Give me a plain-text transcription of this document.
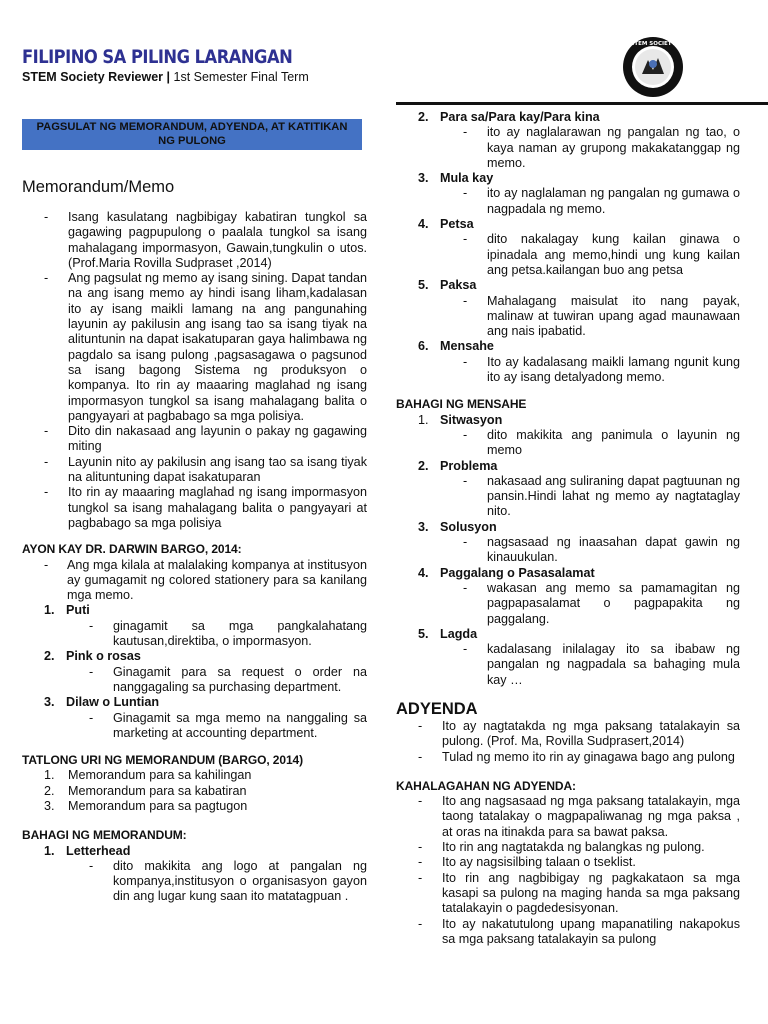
FILIPINO SA PILING LARANGAN
STEM Society Reviewer | 1st Semester Final Term
STEM SOCIETY
PAGSULAT NG MEMORANDUM, ADYENDA, AT KATITIKAN
NG PULONG
Memorandum/Memo
-	Isang kasulatang nagbibigay kabatiran tungkol sa gagawing pagpupulong o paalala tungkol sa isang mahalagang impormasyon, Gawain,tungkulin o utos. (Prof.Maria Rovilla Sudpraset ,2014)
-	Ang pagsulat ng memo ay isang sining. Dapat tandan na ang isang memo ay hindi isang liham,kadalasan ito ay isang maikli lamang na ang pangunahing layunin ay pakilusin ang isang tao sa isang tiyak na alituntunin na dapat isakatuparan gaya halimbawa ng pagdalo sa isang pulong ,pagsasagawa o pagsunod sa isang bagong Sistema ng produksyon o kompanya. Ito rin ay maaaring maglahad ng isang impormasyon tungkol sa isang mahalagang balita o pangyayari at pagbabago sa mga polisiya.
-	Dito din nakasaad ang layunin o pakay ng gagawing miting
-	Layunin nito ay pakilusin ang isang tao sa isang tiyak na alituntuning dapat isakatuparan
-	Ito rin ay maaaring maglahad ng isang impormasyon tungkol sa isang mahalagang balita o pangyayari at pagbabago sa mga polisiya
AYON KAY DR. DARWIN BARGO, 2014:
-	Ang mga kilala at malalaking kompanya at institusyon ay gumagamit ng colored stationery para sa kanilang mga memo.
1. Puti
-	ginagamit sa mga pangkalahatang kautusan,direktiba, o impormasyon.
2. Pink o rosas
-	Ginagamit para sa request o order na nanggagaling sa purchasing department.
3. Dilaw o Luntian
-	Ginagamit sa mga memo na nanggaling sa marketing at accounting department.
TATLONG URI NG MEMORANDUM (BARGO, 2014)
1.	Memorandum para sa kahilingan
2.	Memorandum para sa kabatiran
3.	Memorandum para sa pagtugon
BAHAGI NG MEMORANDUM:
1. Letterhead
-	dito makikita ang logo at pangalan ng kompanya,institusyon o organisasyon gayon din ang lugar kung saan ito matatagpuan .
2. Para sa/Para kay/Para kina
-	ito ay naglalarawan ng pangalan ng tao, o kaya naman ay grupong makakatanggap ng memo.
3. Mula kay
-	ito ay naglalaman ng pangalan ng gumawa o nagpadala ng memo.
4. Petsa
-	dito nakalagay kung kailan ginawa o ipinadala ang memo,hindi ung kung kailan ang petsa.kailangan buo ang petsa
5. Paksa
-	Mahalagang maisulat ito nang payak, malinaw at tuwiran upang agad maunawaan ang nais ipabatid.
6. Mensahe
-	Ito ay kadalasang maikli lamang ngunit kung ito ay isang detalyadong memo.
BAHAGI NG MENSAHE
1. Sitwasyon
-	dito makikita ang panimula o layunin ng memo
2. Problema
-	nakasaad ang suliraning dapat pagtuunan ng pansin.Hindi lahat ng memo ay nagtataglay nito.
3. Solusyon
-	nagsasaad ng inaasahan dapat gawin ng kinauukulan.
4. Paggalang o Pasasalamat
-	wakasan ang memo sa pamamagitan ng pagpapasalamat o pagpapakita ng paggalang.
5. Lagda
-	kadalasang inilalagay ito sa ibabaw ng pangalan ng nagpadala sa bahaging mula kay …
ADYENDA
-	Ito ay nagtatakda ng mga paksang tatalakayin sa pulong. (Prof. Ma, Rovilla Sudprasert,2014)
-	Tulad ng memo ito rin ay ginagawa bago ang pulong
KAHALAGAHAN NG ADYENDA:
-	Ito ang nagsasaad ng mga paksang tatalakayin, mga taong tatalakay o magpapaliwanag ng mga paksa , at oras na itinakda para sa bawat paksa.
-	Ito rin ang nagtatakda ng balangkas ng pulong.
-	Ito ay nagsisilbing talaan o tseklist.
-	Ito rin ang nagbibigay ng pagkakataon sa mga kasapi sa pulong na maging handa sa mga paksang tatalakayin o pagdedesisyonan.
-	Ito ay nakatutulong upang mapanatiling nakapokus sa mga paksang tatalakayin sa pulong
